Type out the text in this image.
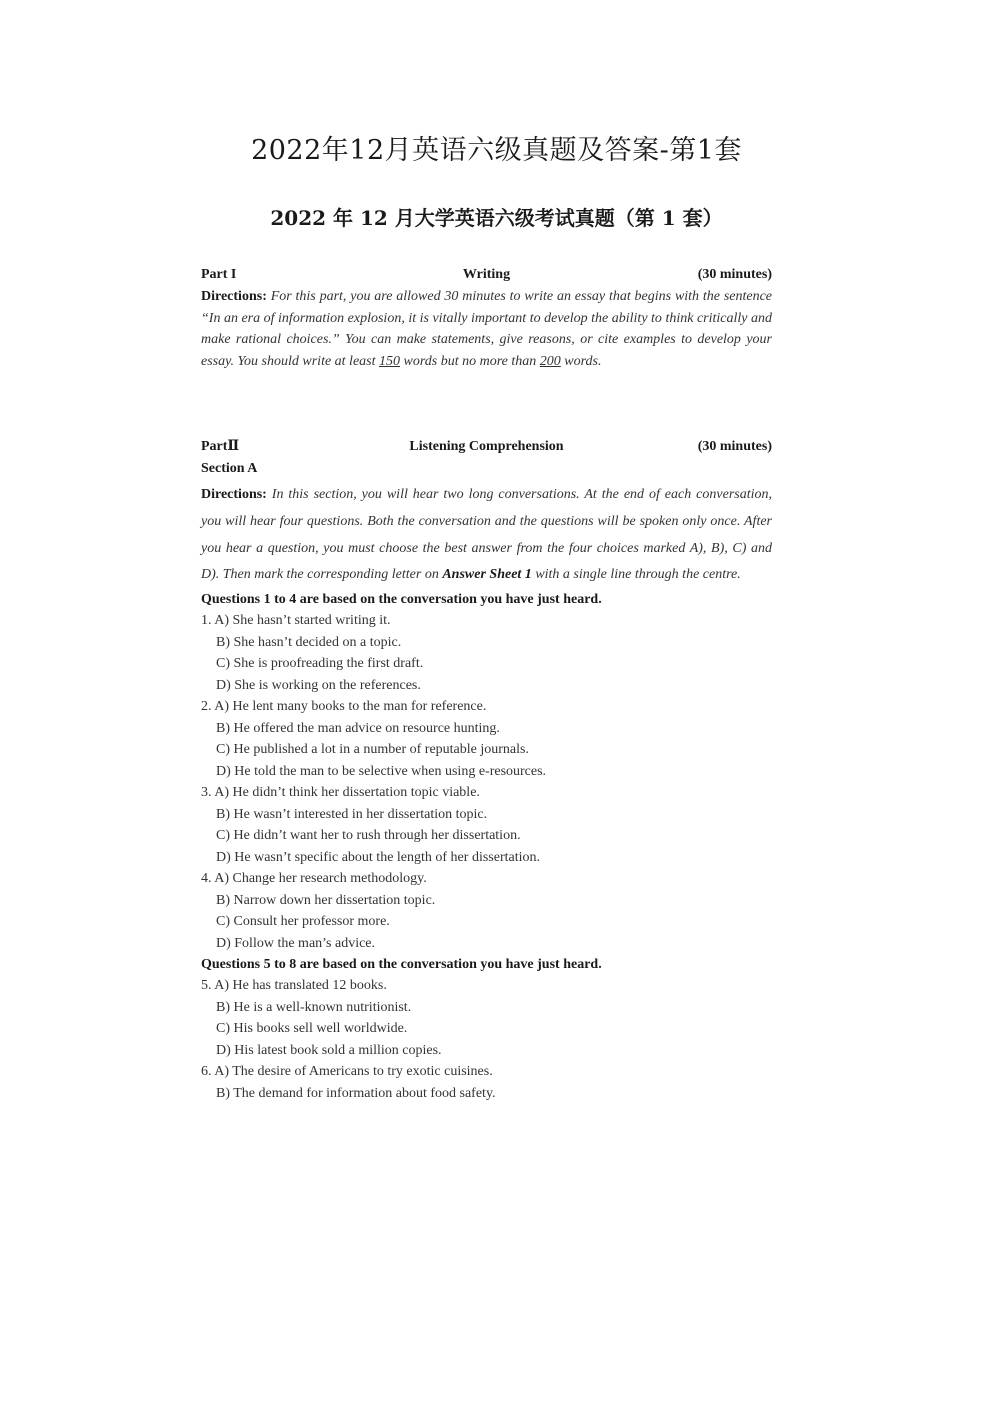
2022年12月英语六级真题及答案-第1套
2022 年 12 月大学英语六级考试真题（第 1 套）
Part I	Writing	(30 minutes)
Directions: For this part, you are allowed 30 minutes to write an essay that begins with the sentence “In an era of information explosion, it is vitally important to develop the ability to think critically and make rational choices.” You can make statements, give reasons, or cite examples to develop your essay. You should write at least 150 words but no more than 200 words.
PartⅡ	Listening Comprehension	(30 minutes)
Section A
Directions: In this section, you will hear two long conversations. At the end of each conversation, you will hear four questions. Both the conversation and the questions will be spoken only once. After you hear a question, you must choose the best answer from the four choices marked A), B), C) and D). Then mark the corresponding letter on Answer Sheet 1 with a single line through the centre.
Questions 1 to 4 are based on the conversation you have just heard.
1. A) She hasn’t started writing it.
B) She hasn’t decided on a topic.
C) She is proofreading the first draft.
D) She is working on the references.
2. A) He lent many books to the man for reference.
B) He offered the man advice on resource hunting.
C) He published a lot in a number of reputable journals.
D) He told the man to be selective when using e-resources.
3. A) He didn’t think her dissertation topic viable.
B) He wasn’t interested in her dissertation topic.
C) He didn’t want her to rush through her dissertation.
D) He wasn’t specific about the length of her dissertation.
4. A) Change her research methodology.
B) Narrow down her dissertation topic.
C) Consult her professor more.
D) Follow the man’s advice.
Questions 5 to 8 are based on the conversation you have just heard.
5. A) He has translated 12 books.
B) He is a well-known nutritionist.
C) His books sell well worldwide.
D) His latest book sold a million copies.
6. A) The desire of Americans to try exotic cuisines.
B) The demand for information about food safety.
